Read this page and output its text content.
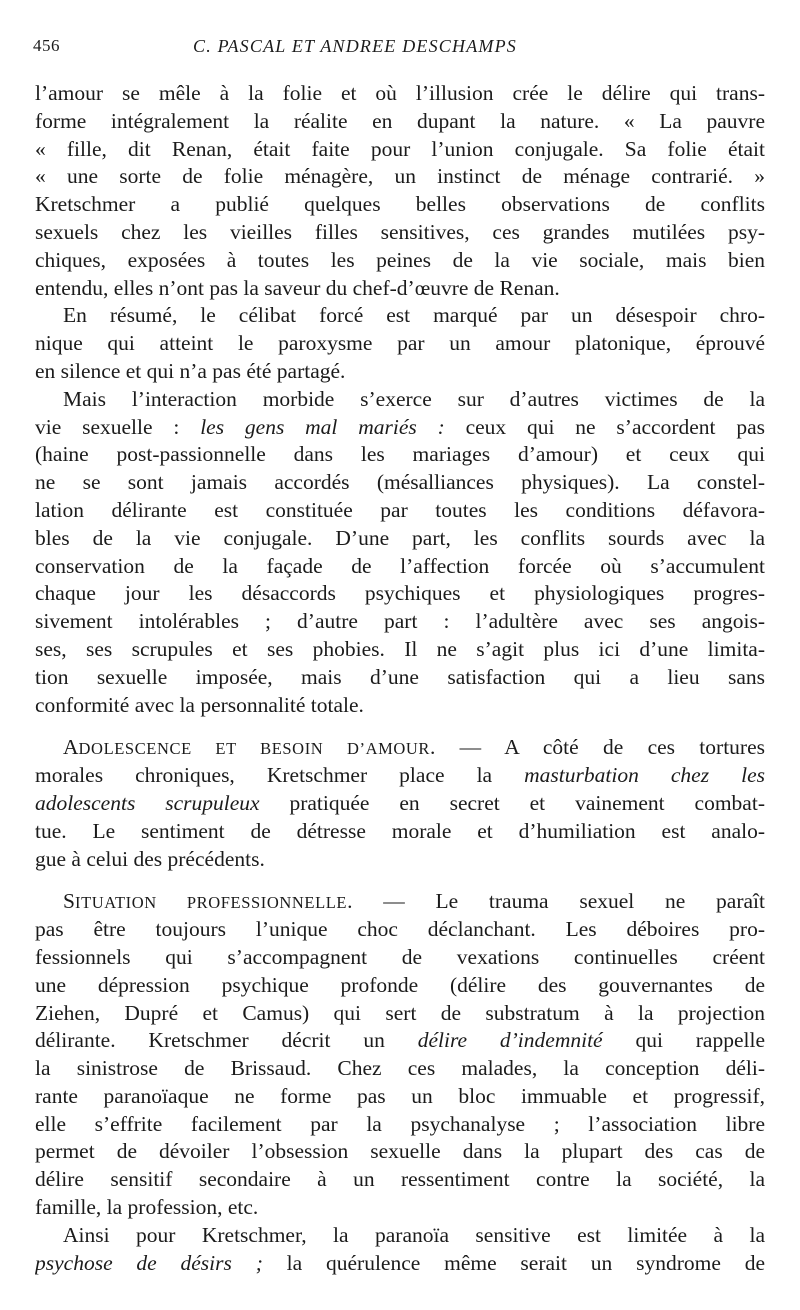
456	C. PASCAL ET ANDREE DESCHAMPS
l’amour se mêle à la folie et où l’illusion crée le délire qui trans-
forme intégralement la réalite en dupant la nature. « La pauvre
« fille, dit Renan, était faite pour l’union conjugale. Sa folie était
« une sorte de folie ménagère, un instinct de ménage contrarié. »
Kretschmer a publié quelques belles observations de conflits
sexuels chez les vieilles filles sensitives, ces grandes mutilées psy-
chiques, exposées à toutes les peines de la vie sociale, mais bien
entendu, elles n’ont pas la saveur du chef-d’œuvre de Renan.
En résumé, le célibat forcé est marqué par un désespoir chro-
nique qui atteint le paroxysme par un amour platonique, éprouvé
en silence et qui n’a pas été partagé.
Mais l’interaction morbide s’exerce sur d’autres victimes de la
vie sexuelle : les gens mal mariés : ceux qui ne s’accordent pas
(haine post-passionnelle dans les mariages d’amour) et ceux qui
ne se sont jamais accordés (mésalliances physiques). La constel-
lation délirante est constituée par toutes les conditions défavora-
bles de la vie conjugale. D’une part, les conflits sourds avec la
conservation de la façade de l’affection forcée où s’accumulent
chaque jour les désaccords psychiques et physiologiques progres-
sivement intolérables ; d’autre part : l’adultère avec ses angois-
ses, ses scrupules et ses phobies. Il ne s’agit plus ici d’une limita-
tion sexuelle imposée, mais d’une satisfaction qui a lieu sans
conformité avec la personnalité totale.
ADOLESCENCE ET BESOIN D’AMOUR. — A côté de ces tortures
morales chroniques, Kretschmer place la masturbation chez les
adolescents scrupuleux pratiquée en secret et vainement combat-
tue. Le sentiment de détresse morale et d’humiliation est analo-
gue à celui des précédents.
SITUATION PROFESSIONNELLE. — Le trauma sexuel ne paraît
pas être toujours l’unique choc déclanchant. Les déboires pro-
fessionnels qui s’accompagnent de vexations continuelles créent
une dépression psychique profonde (délire des gouvernantes de
Ziehen, Dupré et Camus) qui sert de substratum à la projection
délirante. Kretschmer décrit un délire d’indemnité qui rappelle
la sinistrose de Brissaud. Chez ces malades, la conception déli-
rante paranoïaque ne forme pas un bloc immuable et progressif,
elle s’effrite facilement par la psychanalyse ; l’association libre
permet de dévoiler l’obsession sexuelle dans la plupart des cas de
délire sensitif secondaire à un ressentiment contre la société, la
famille, la profession, etc.
Ainsi pour Kretschmer, la paranoïa sensitive est limitée à la
psychose de désirs ; la quérulence même serait un syndrome de
